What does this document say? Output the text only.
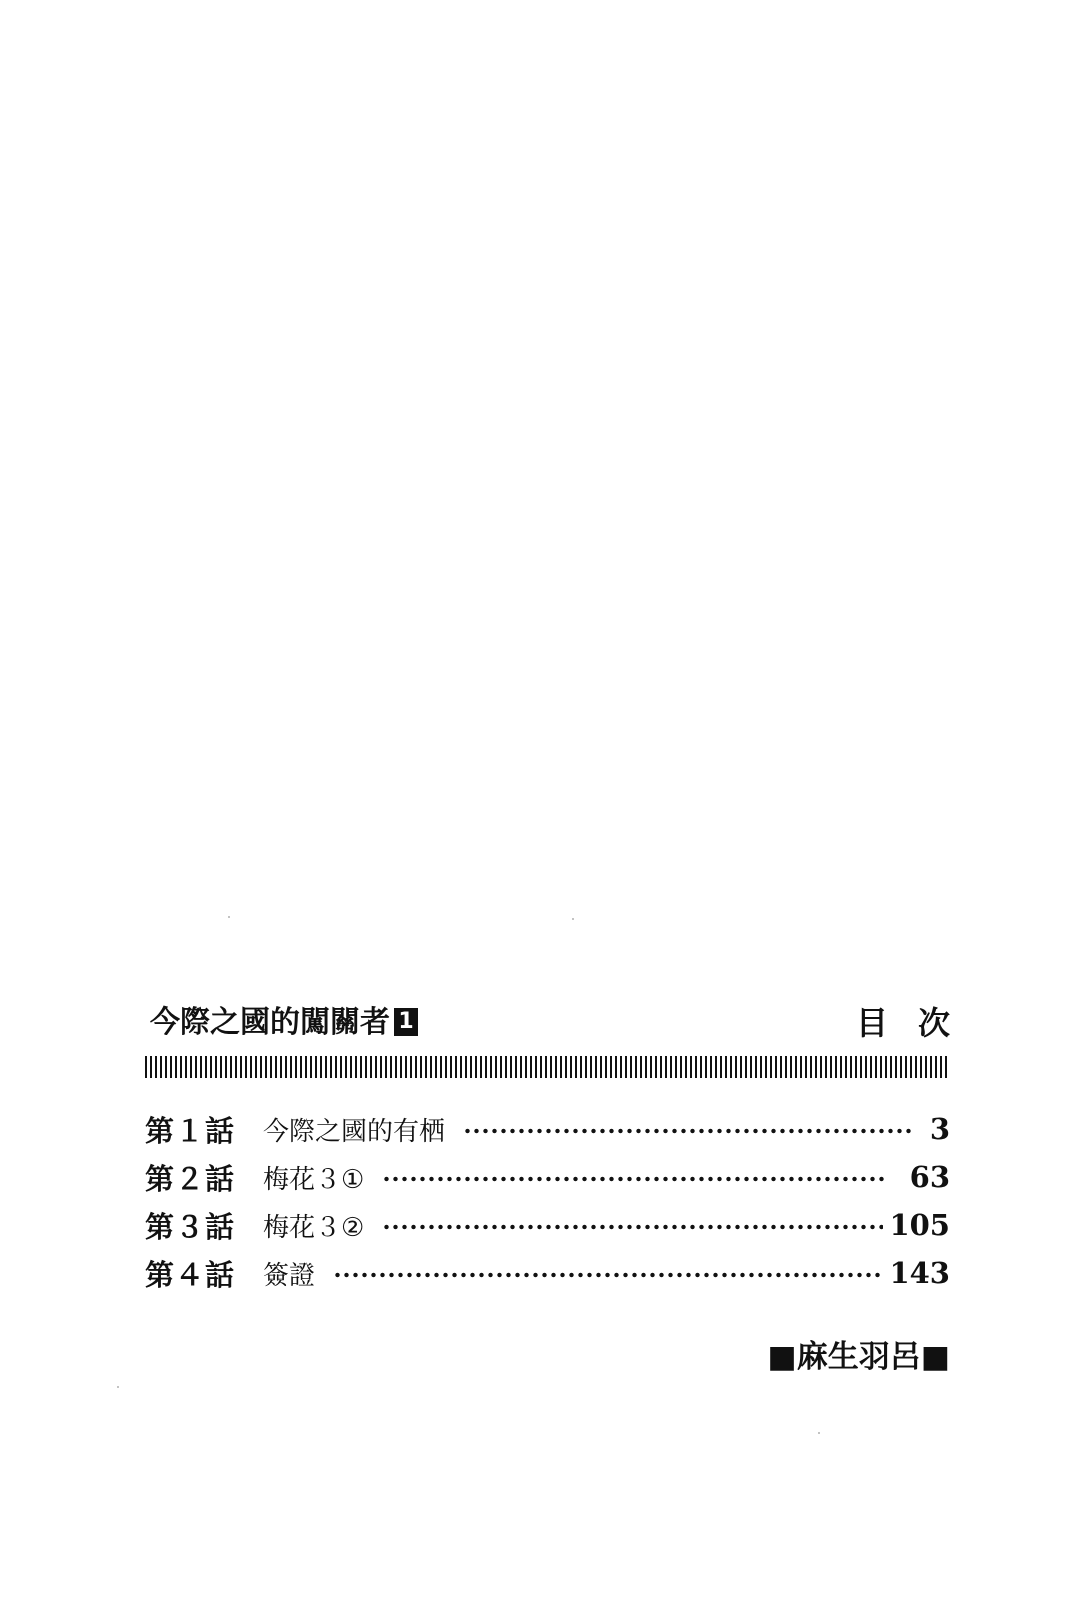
今際之國的闖關者 1	目次
第１話	今際之國的有栖	3
第２話	梅花３①	63
第３話	梅花３②	105
第４話	簽證	143
■麻生羽呂■
